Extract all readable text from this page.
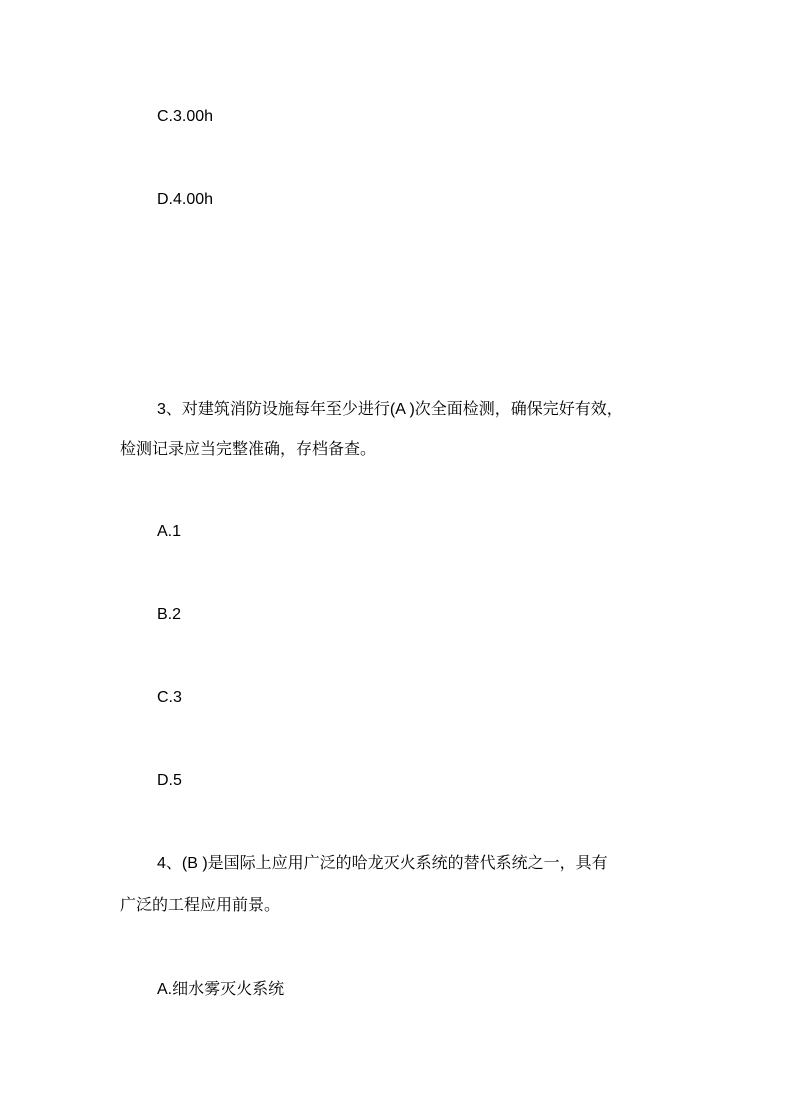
C.3.00h

D.4.00h

3、对建筑消防设施每年至少进行(A )次全面检测，确保完好有效，

检测记录应当完整准确，存档备查。

A.1

B.2

C.3

D.5

4、(B )是国际上应用广泛的哈龙灭火系统的替代系统之一，具有

广泛的工程应用前景。

A.细水雾灭火系统
